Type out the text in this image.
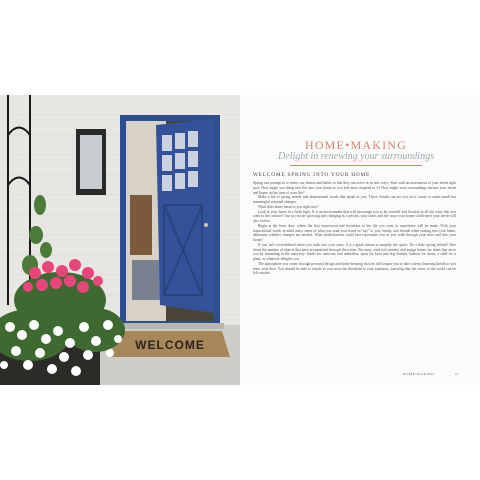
WELCOME
HOME•MAKING
Delight in renewing your surroundings
WELCOME SPRING INTO YOUR HOME

Spring can prompt us to renew our homes and habits so that they can serve us in new ways. Start with an assessment of your needs right now. How might you bring new life into your home so you feel more inspired in it? How might your surroundings nurture your needs and hopes in this time of your life?

Make a list of spring moods and inspirational words that speak to you. These visuals can set you on a course to make small but meaningful seasonal changes.

What does home mean to you right now?

Look at your home in a fresh light. Is it an environment that will encourage you to be yourself and flourish in all the ways that you want to this season? Just as you are growing and changing as a person, your tastes and the ways your home could meet your needs will also evolve.

Begin at the front door, where the first impression and invitation to the life you want to experience will be made. With your inspirational words in mind and a sense of what you want your home to "say" to you, family, and friends when coming into your home, determine whether changes are needed. What modifications could best rejuvenate you as you walk through your door and into your home?

If you feel overwhelmed when you walk into your entry, it is a good season to simplify the space. Do a little spring refresh! Pare down the number of objects that have accumulated through the winter. Put away what isn't needed, and assign homes for items that serve you by remaining in the entryway: hooks for raincoats and umbrellas, spots for keys and dog leashes, baskets for shoes, a shelf for a plant, or whatever delights you.

The atmosphere you create through personal design and home-keeping choices will inspire you to take a deep cleansing breath as you enter your door. You should be able to exhale as you cross the threshold to your sanctuary, knowing that the stress of the world can be left outside.

HOME•MAKING	11
